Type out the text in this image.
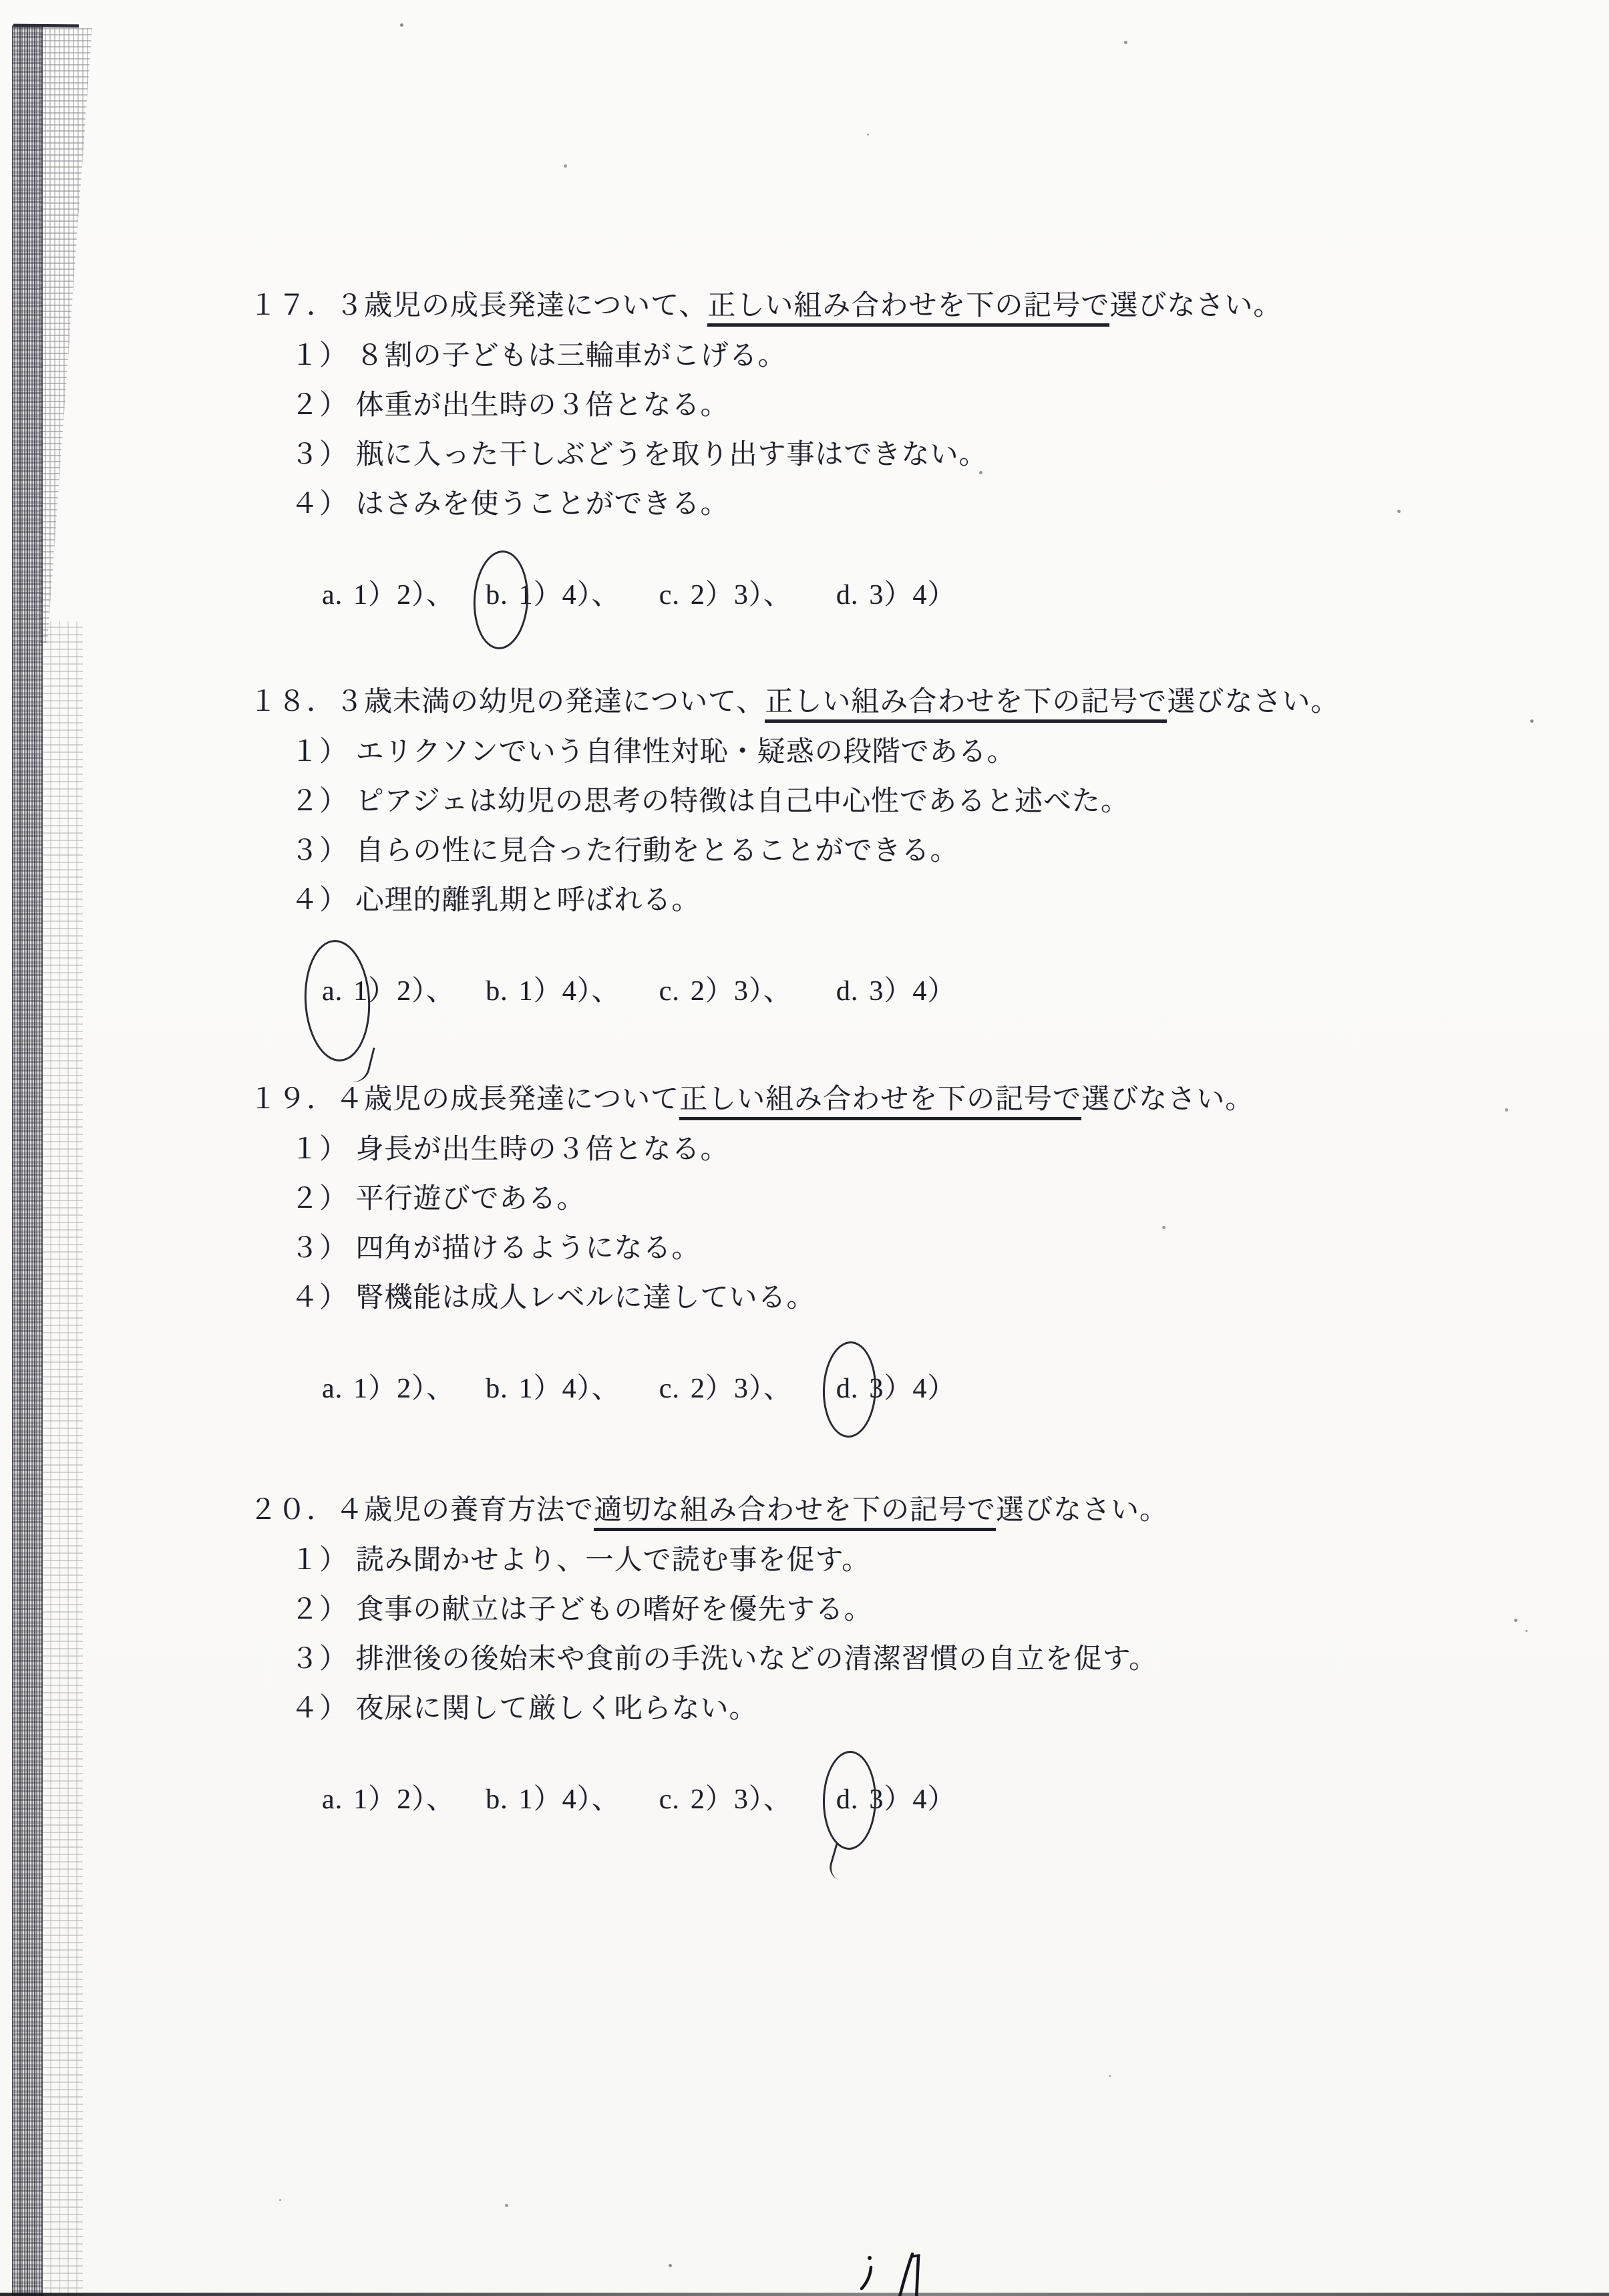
１７．３歳児の成長発達について、正しい組み合わせを下の記号で選びなさい。
１） ８割の子どもは三輪車がこげる。
２） 体重が出生時の３倍となる。
３） 瓶に入った干しぶどうを取り出す事はできない。
４） はさみを使うことができる。
a. 1）2）、 b. 1）4）、 c. 2）3）、 d. 3）4）
１８．３歳未満の幼児の発達について、正しい組み合わせを下の記号で選びなさい。
１） エリクソンでいう自律性対恥・疑惑の段階である。
２） ピアジェは幼児の思考の特徴は自己中心性であると述べた。
３） 自らの性に見合った行動をとることができる。
４） 心理的離乳期と呼ばれる。
a. 1）2）、 b. 1）4）、 c. 2）3）、 d. 3）4）
１９．４歳児の成長発達について正しい組み合わせを下の記号で選びなさい。
１） 身長が出生時の３倍となる。
２） 平行遊びである。
３） 四角が描けるようになる。
４） 腎機能は成人レベルに達している。
a. 1）2）、 b. 1）4）、 c. 2）3）、 d. 3）4）
２０．４歳児の養育方法で適切な組み合わせを下の記号で選びなさい。
１） 読み聞かせより、一人で読む事を促す。
２） 食事の献立は子どもの嗜好を優先する。
３） 排泄後の後始末や食前の手洗いなどの清潔習慣の自立を促す。
４） 夜尿に関して厳しく叱らない。
a. 1）2）、 b. 1）4）、 c. 2）3）、 d. 3）4）
